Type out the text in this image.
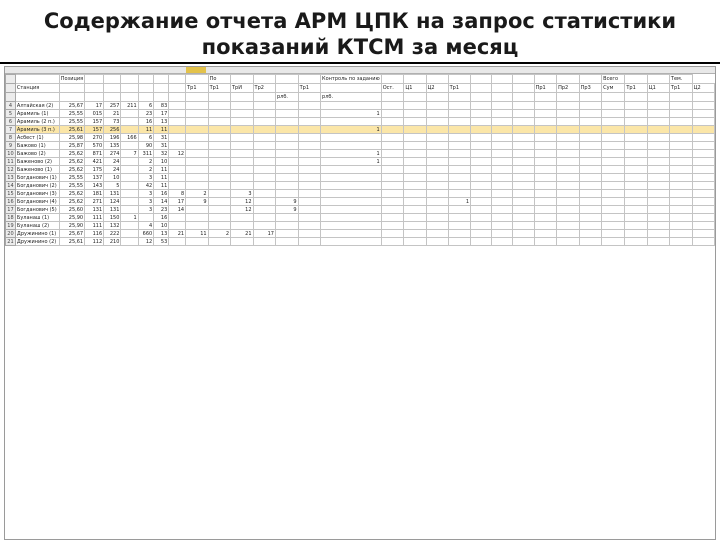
Содержание отчета АРМ ЦПК на запрос статистики
показаний КТСМ за месяц
		Позиция								По					Контроль по заданию											Всего			Тем.	
	Станция								Тр1	Тр1	ТрИ	Тр2		Тр1		Ост.	Ц1	Ц2	Тр1				Пр1	Пр2	Пр3	Сум	Тр1	Ц1	Тр1	Ц2
													рлб.		рлб.															
4	Алтайская (2)	25,67	17	257	211	6	83																							
5	Арамиль (1)	25,55	015	21		23	17								1															
6	Арамиль (2 п.)	25,55	157	73		16	13																							
7	Арамиль (3 п.)	25,61	157	256		11	11								1															
8	Асбест (1)	25,98	270	196	166	6	31																							
9	Бажово (1)	25,87	570	135		90	31																							
10	Бажово (2)	25,62	871	274	7	311	32	12							1															
11	Баженово (2)	25,62	421	24		2	10								1															
12	Баженово (1)	25,62	175	24		2	11																							
13	Богданович (1)	25,55	137	10		3	11																							
14	Богданович (2)	25,55	143	5		42	11																							
15	Богданович (3)	25,62	181	131		3	16	8	2		3																			
16	Богданович (4)	25,62	271	124		3	14	17	9		12		9						1											
17	Богданович (5)	25,60	131	131		3	23	14			12		9																	
18	Буланаш (1)	25,90	111	150	1		16																							
19	Буланаш (2)	25,90	111	132		4	10																							
20	Дружинино (1)	25,67	116	222		660	13	21	11	2	21	17																		
21	Дружинино (2)	25,61	112	210		12	53																							
